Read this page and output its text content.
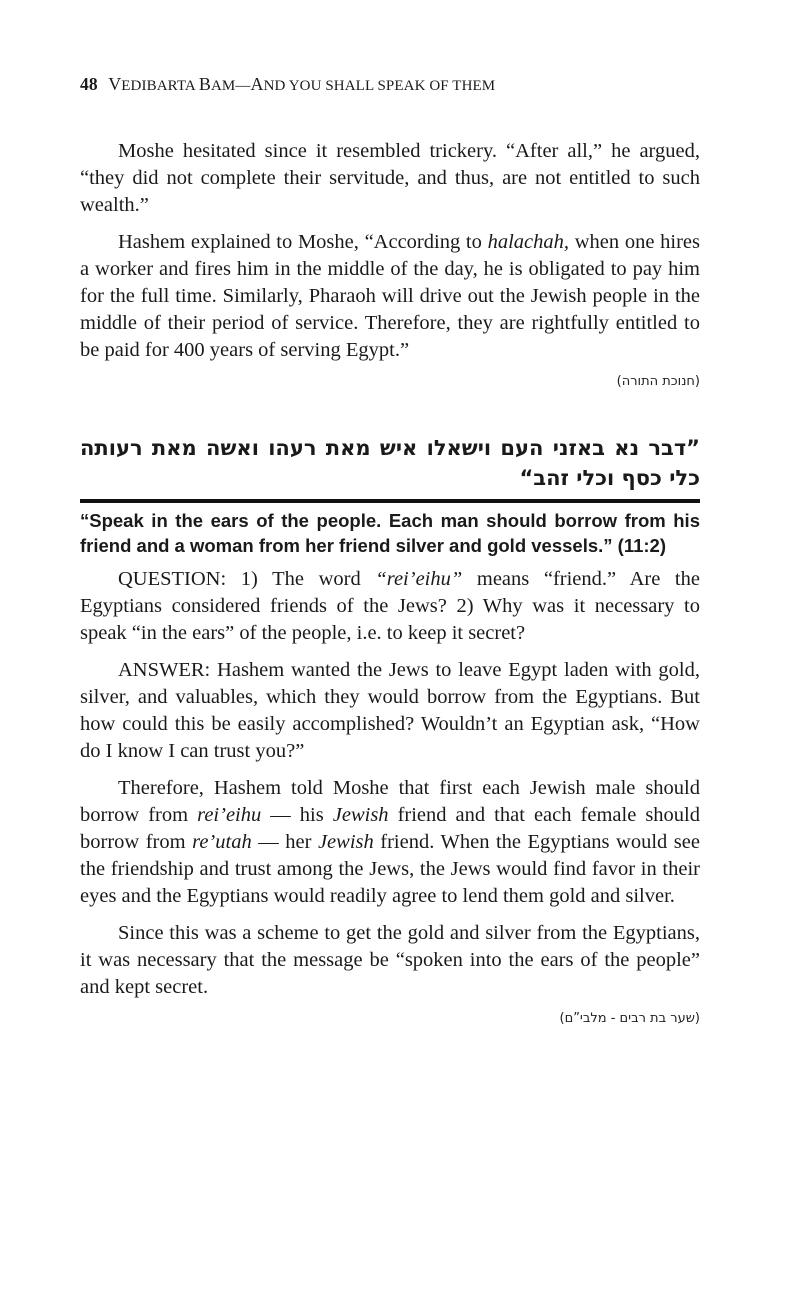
48 VEDIBARTA BAM—AND YOU SHALL SPEAK OF THEM

Moshe hesitated since it resembled trickery. “After all,” he argued, “they did not complete their servitude, and thus, are not entitled to such wealth.”

Hashem explained to Moshe, “According to halachah, when one hires a worker and fires him in the middle of the day, he is obligated to pay him for the full time. Similarly, Pharaoh will drive out the Jewish people in the middle of their period of service. Therefore, they are rightfully entitled to be paid for 400 years of serving Egypt.”

(חנוכת התורה)
”דבר נא באזני העם וישאלו איש מאת רעהו ואשה מאת רעותה כלי כסף וכלי זהב“
“Speak in the ears of the people. Each man should borrow from his friend and a woman from her friend silver and gold vessels.” (11:2)

QUESTION: 1) The word “rei’eihu” means “friend.” Are the Egyptians considered friends of the Jews? 2) Why was it necessary to speak “in the ears” of the people, i.e. to keep it secret?

ANSWER: Hashem wanted the Jews to leave Egypt laden with gold, silver, and valuables, which they would borrow from the Egyptians. But how could this be easily accomplished? Wouldn’t an Egyptian ask, “How do I know I can trust you?”

Therefore, Hashem told Moshe that first each Jewish male should borrow from rei’eihu — his Jewish friend and that each female should borrow from re’utah — her Jewish friend. When the Egyptians would see the friendship and trust among the Jews, the Jews would find favor in their eyes and the Egyptians would readily agree to lend them gold and silver.

Since this was a scheme to get the gold and silver from the Egyptians, it was necessary that the message be “spoken into the ears of the people” and kept secret.

(שער בת רבים - מלבי”ם)
